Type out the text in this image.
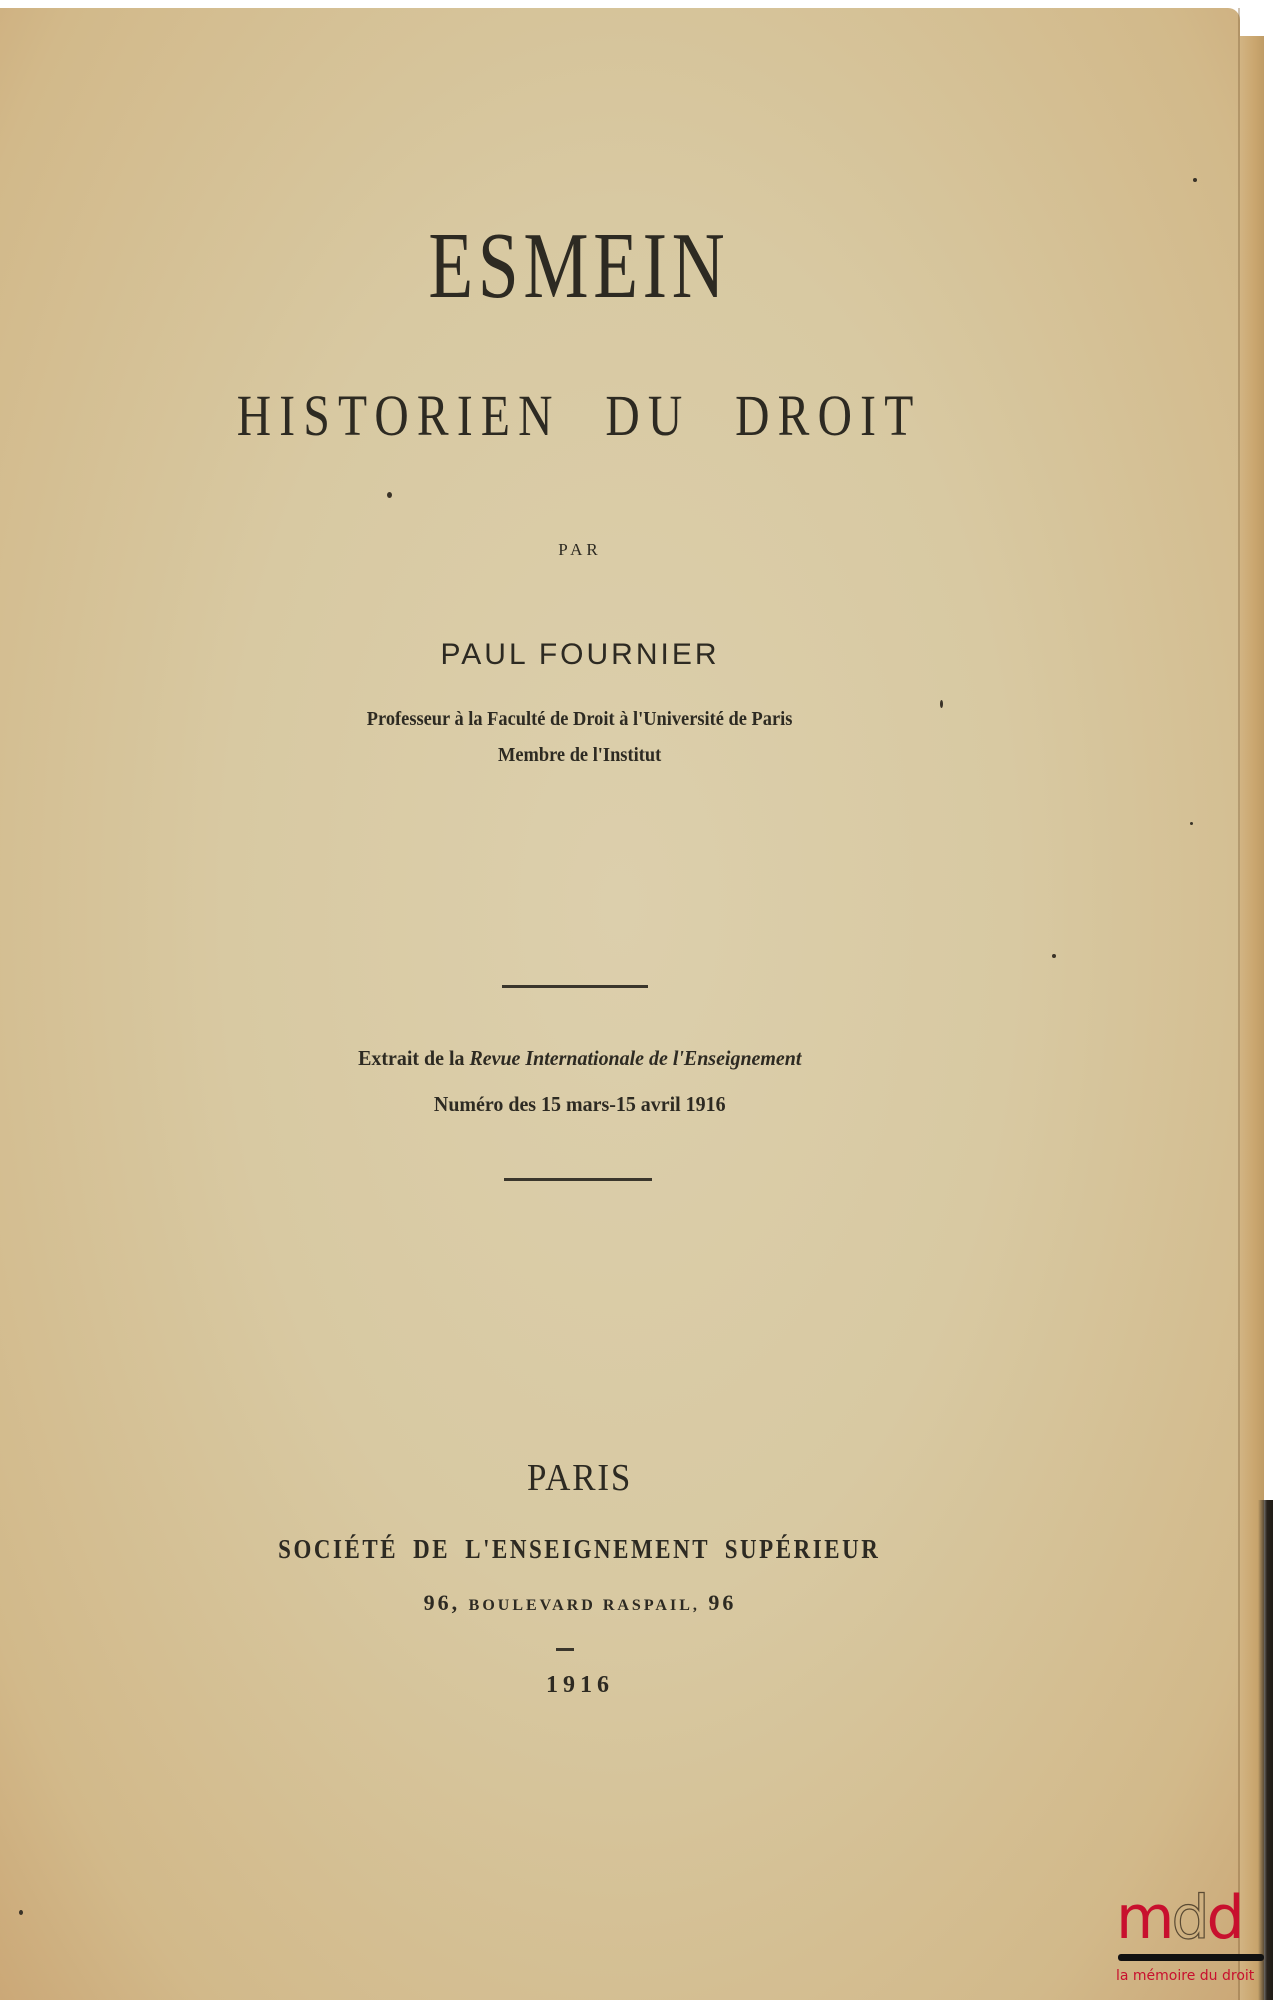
ESMEIN
HISTORIEN DU DROIT
PAR
PAUL FOURNIER
Professeur à la Faculté de Droit à l'Université de Paris
Membre de l'Institut
Extrait de la Revue Internationale de l'Enseignement
Numéro des 15 mars-15 avril 1916
PARIS
SOCIÉTÉ DE L'ENSEIGNEMENT SUPÉRIEUR
96, BOULEVARD RASPAIL, 96
1916
mdd
la mémoire du droit
